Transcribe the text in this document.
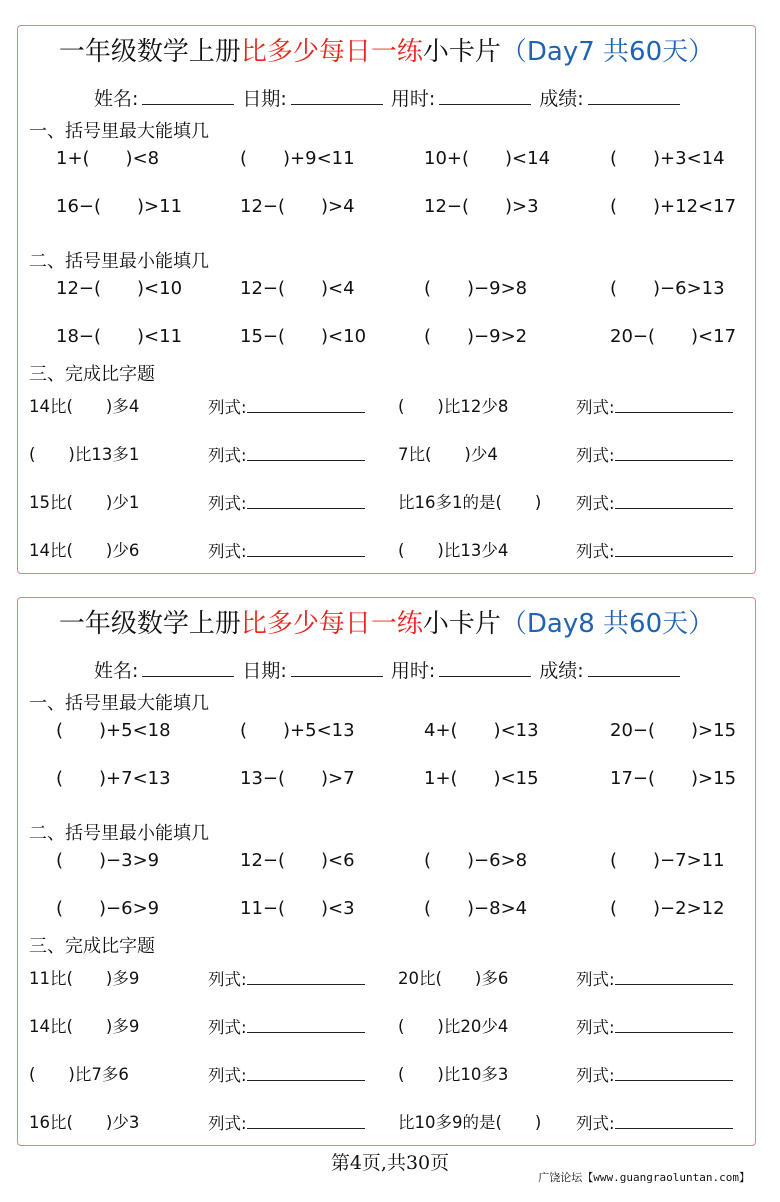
一年级数学上册比多少每日一练小卡片（Day7 共60天）
姓名:	日期:	用时:	成绩:
一、括号里最大能填几
1+(　　)<8	(　　)+9<11	10+(　　)<14	(　　)+3<14
16−(　　)>11	12−(　　)>4	12−(　　)>3	(　　)+12<17
二、括号里最小能填几
12−(　　)<10	12−(　　)<4	(　　)−9>8	(　　)−6>13
18−(　　)<11	15−(　　)<10	(　　)−9>2	20−(　　)<17
三、完成比字题
14比(　　)多4	列式:	(　　)比12少8	列式:
(　　)比13多1	列式:	7比(　　)少4	列式:
15比(　　)少1	列式:	比16多1的是(　　) 列式:
14比(　　)少6	列式:	(　　)比13少4	列式:
一年级数学上册比多少每日一练小卡片（Day8 共60天）
姓名:	日期:	用时:	成绩:
一、括号里最大能填几
(　　)+5<18	(　　)+5<13	4+(　　)<13	20−(　　)>15
(　　)+7<13	13−(　　)>7	1+(　　)<15	17−(　　)>15
二、括号里最小能填几
(　　)−3>9	12−(　　)<6	(　　)−6>8	(　　)−7>11
(　　)−6>9	11−(　　)<3	(　　)−8>4	(　　)−2>12
三、完成比字题
11比(　　)多9	列式:	20比(　　)多6	列式:
14比(　　)多9	列式:	(　　)比20少4	列式:
(　　)比7多6	列式:	(　　)比10多3	列式:
16比(　　)少3	列式:	比10多9的是(　　) 列式:
第4页,共30页
广饶论坛【www.guangraoluntan.com】
